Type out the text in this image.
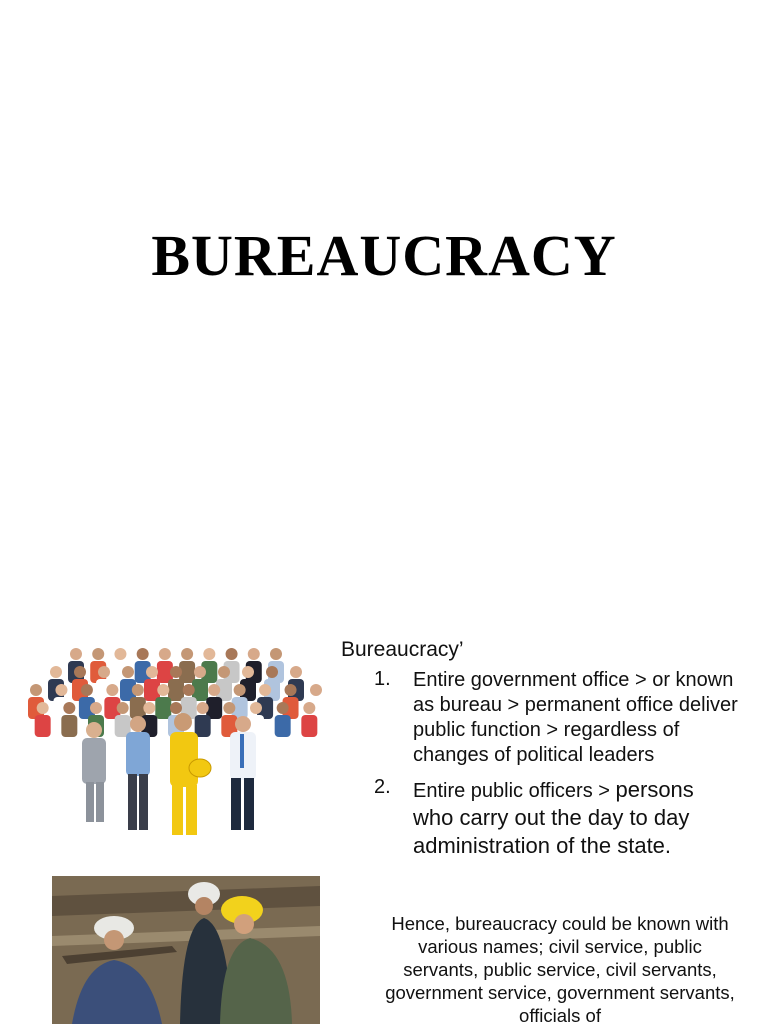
BUREAUCRACY
Bureaucracy’
1. Entire government office > or known as bureau > permanent office deliver public function > regardless of changes of political leaders
2. Entire public officers > persons who carry out the day to day administration of the state.
Hence, bureaucracy could be known with various names; civil service, public servants, public service, civil servants, government service, government servants, officials of
